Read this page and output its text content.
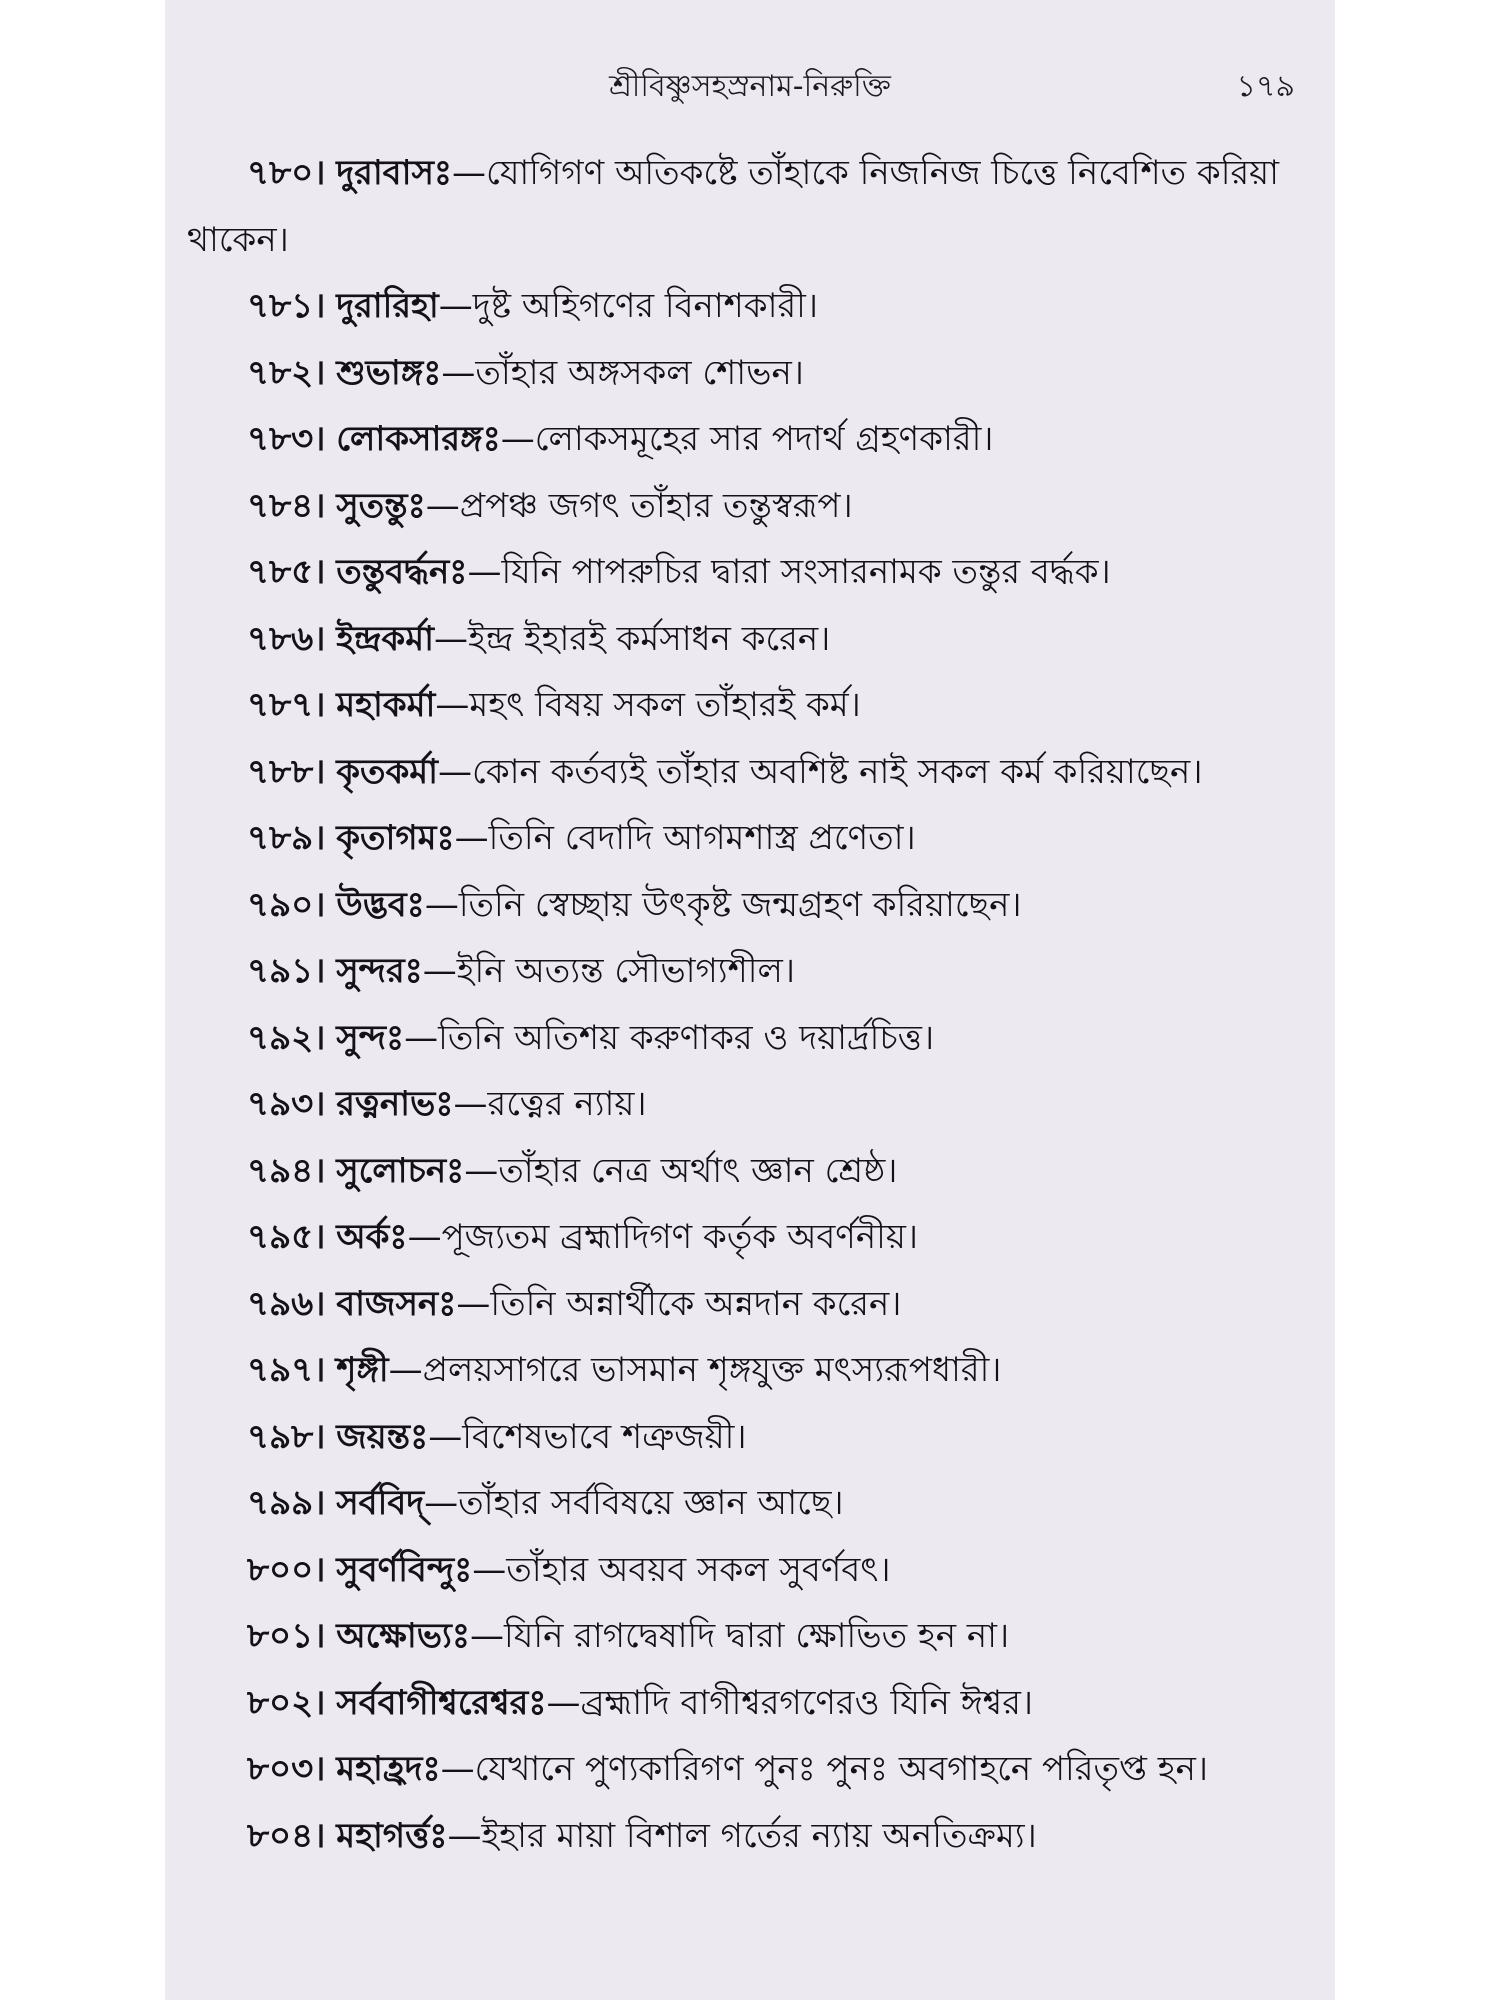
শ্রীবিষ্ণুসহস্রনাম-নিরুক্তি	১৭৯

৭৮০। দুরাবাসঃ—যোগিগণ অতিকষ্টে তাঁহাকে নিজনিজ চিত্তে নিবেশিত করিয়া থাকেন।

৭৮১। দুরারিহা—দুষ্ট অহিগণের বিনাশকারী।

৭৮২। শুভাঙ্গঃ—তাঁহার অঙ্গসকল শোভন।

৭৮৩। লোকসারঙ্গঃ—লোকসমূহের সার পদার্থ গ্রহণকারী।

৭৮৪। সুতন্তুঃ—প্রপঞ্চ জগৎ তাঁহার তন্তুস্বরূপ।

৭৮৫। তন্তুবর্দ্ধনঃ—যিনি পাপরুচির দ্বারা সংসারনামক তন্তুর বর্দ্ধক।

৭৮৬। ইন্দ্রকর্মা—ইন্দ্র ইহারই কর্মসাধন করেন।

৭৮৭। মহাকর্মা—মহৎ বিষয় সকল তাঁহারই কর্ম।

৭৮৮। কৃতকর্মা—কোন কর্তব্যই তাঁহার অবশিষ্ট নাই সকল কর্ম করিয়াছেন।

৭৮৯। কৃতাগমঃ—তিনি বেদাদি আগমশাস্ত্র প্রণেতা।

৭৯০। উদ্ভবঃ—তিনি স্বেচ্ছায় উৎকৃষ্ট জন্মগ্রহণ করিয়াছেন।

৭৯১। সুন্দরঃ—ইনি অত্যন্ত সৌভাগ্যশীল।

৭৯২। সুন্দঃ—তিনি অতিশয় করুণাকর ও দয়ার্দ্রচিত্ত।

৭৯৩। রত্ননাভঃ—রত্নের ন্যায়।

৭৯৪। সুলোচনঃ—তাঁহার নেত্র অর্থাৎ জ্ঞান শ্রেষ্ঠ।

৭৯৫। অর্কঃ—পূজ্যতম ব্রহ্মাদিগণ কর্তৃক অবর্ণনীয়।

৭৯৬। বাজসনঃ—তিনি অন্নার্থীকে অন্নদান করেন।

৭৯৭। শৃঙ্গী—প্রলয়সাগরে ভাসমান শৃঙ্গযুক্ত মৎস্যরূপধারী।

৭৯৮। জয়ন্তঃ—বিশেষভাবে শত্রুজয়ী।

৭৯৯। সর্ববিদ্—তাঁহার সর্ববিষয়ে জ্ঞান আছে।

৮০০। সুবর্ণবিন্দুঃ—তাঁহার অবয়ব সকল সুবর্ণবৎ।

৮০১। অক্ষোভ্যঃ—যিনি রাগদ্বেষাদি দ্বারা ক্ষোভিত হন না।

৮০২। সর্ববাগীশ্বরেশ্বরঃ—ব্রহ্মাদি বাগীশ্বরগণেরও যিনি ঈশ্বর।

৮০৩। মহাহ্রদঃ—যেখানে পুণ্যকারিগণ পুনঃ পুনঃ অবগাহনে পরিতৃপ্ত হন।

৮০৪। মহাগর্ত্তঃ—ইহার মায়া বিশাল গর্তের ন্যায় অনতিক্রম্য।
